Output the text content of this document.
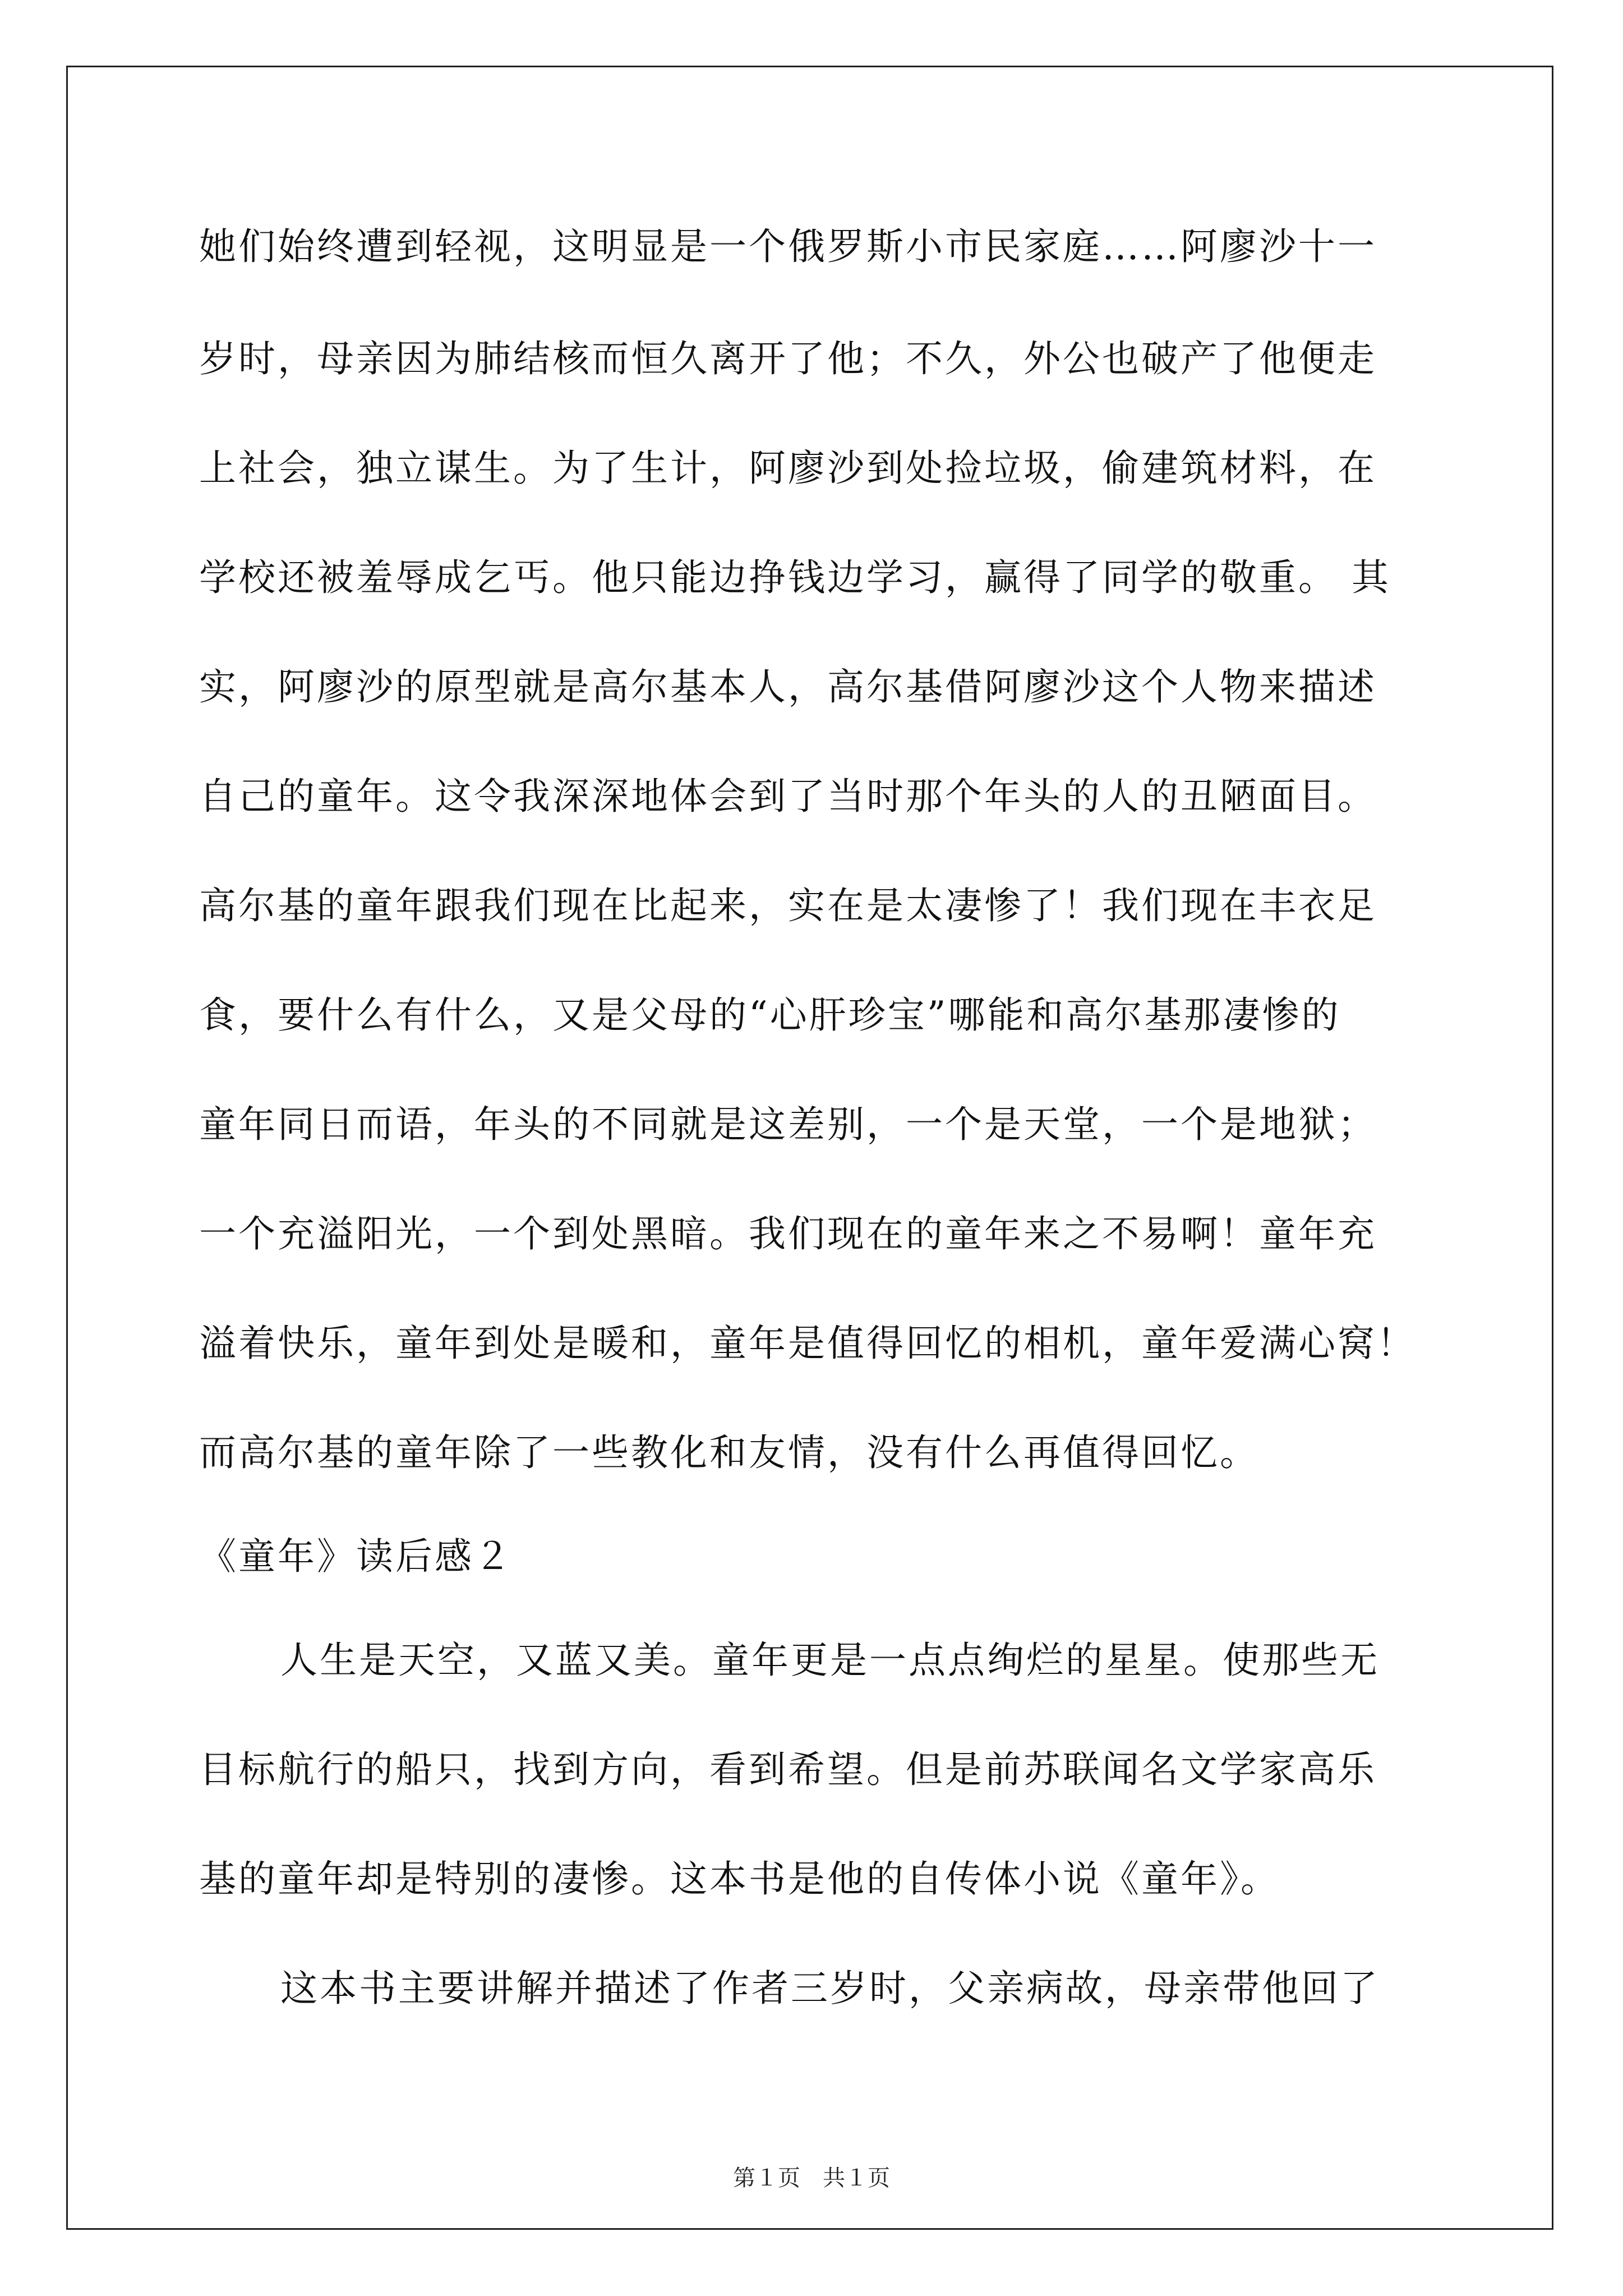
她们始终遭到轻视，这明显是一个俄罗斯小市民家庭……阿廖沙十一
岁时，母亲因为肺结核而恒久离开了他；不久，外公也破产了他便走
上社会，独立谋生。为了生计，阿廖沙到处捡垃圾，偷建筑材料，在
学校还被羞辱成乞丐。他只能边挣钱边学习，赢得了同学的敬重。 其
实，阿廖沙的原型就是高尔基本人，高尔基借阿廖沙这个人物来描述
自己的童年。这令我深深地体会到了当时那个年头的人的丑陋面目。
高尔基的童年跟我们现在比起来，实在是太凄惨了！我们现在丰衣足
食，要什么有什么，又是父母的“心肝珍宝”哪能和高尔基那凄惨的
童年同日而语，年头的不同就是这差别，一个是天堂，一个是地狱；
一个充溢阳光，一个到处黑暗。我们现在的童年来之不易啊！童年充
溢着快乐，童年到处是暖和，童年是值得回忆的相机，童年爱满心窝！
而高尔基的童年除了一些教化和友情，没有什么再值得回忆。
《童年》读后感２
人生是天空，又蓝又美。童年更是一点点绚烂的星星。使那些无
目标航行的船只，找到方向，看到希望。但是前苏联闻名文学家高乐
基的童年却是特别的凄惨。这本书是他的自传体小说《童年》。
这本书主要讲解并描述了作者三岁时，父亲病故，母亲带他回了
第１页　共１页
